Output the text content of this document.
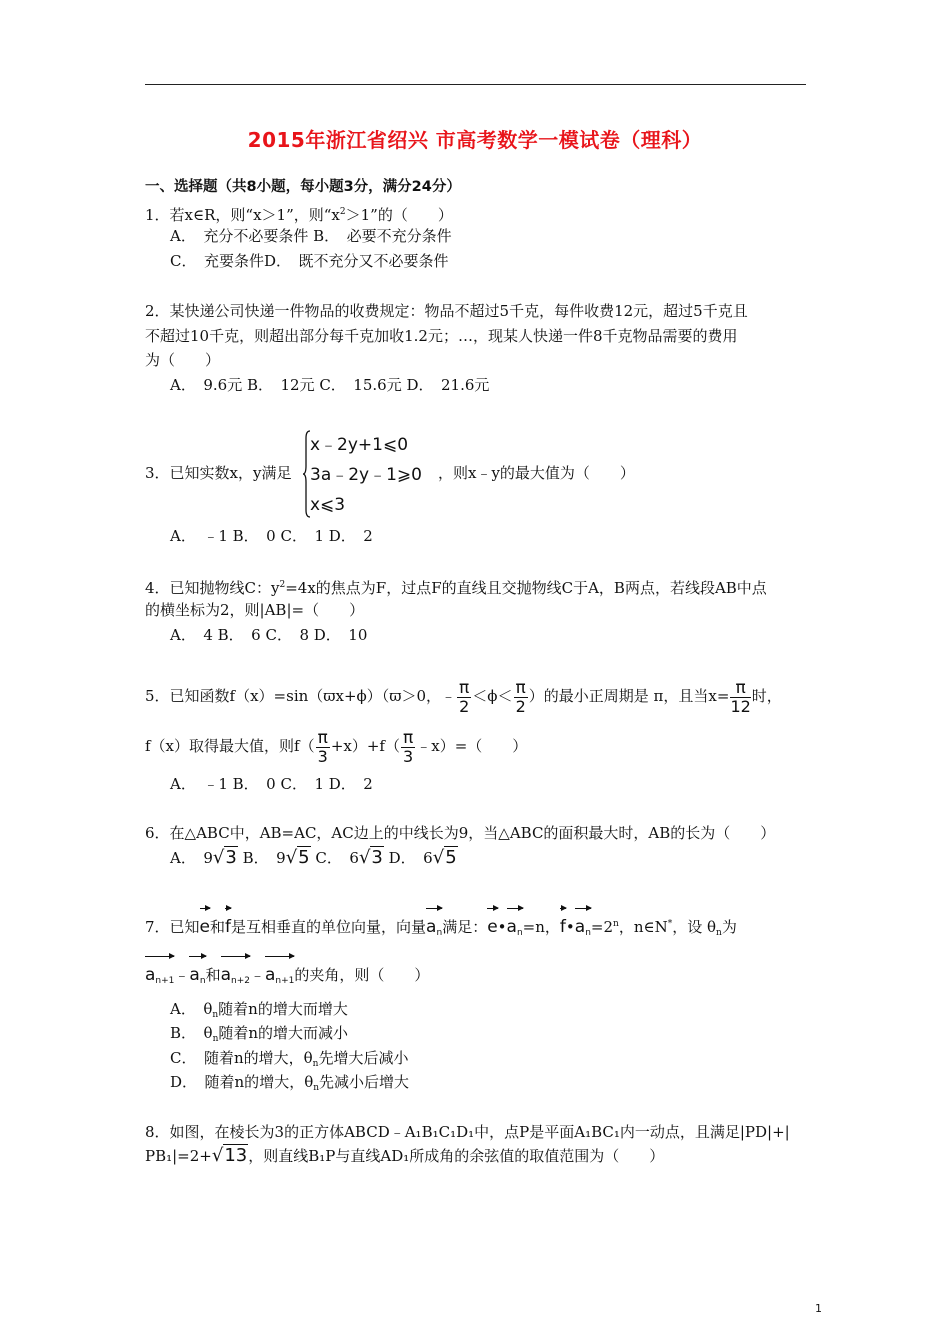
2015年浙江省绍兴 市高考数学一模试卷（理科）
一、选择题（共8小题，每小题3分，满分24分）
1．若x∈R，则“x＞1”，则“$x^2>1$”的（　　）
A．　充分不必要条件 B．　必要不充分条件
C．　充要条件D．　既不充分又不必要条件
2．某快递公司快递一件物品的收费规定：物品不超过5千克，每件收费12元，超过5千克且
不超过10千克，则超出部分每千克加收1.2元；…，现某人快递一件8千克物品需要的费用
为（　　）
A．　9.6元 B．　12元 C．　15.6元 D．　21.6元
x﹣2y+1⩽0
3a﹣2y﹣1⩾0
x⩽3
3．已知实数x，y满足	，则x﹣y的最大值为（　　）
A．　﹣1 B．　0 C．　1 D．　2
4．已知抛物线C：$y^2=4x$的焦点为F，过点F的直线且交抛物线C于A，B两点，若线段AB中点
的横坐标为2，则|AB|=（　　）
A．　4 B．　6 C．　8 D．　10
5．已知函数f（x）=sin（ϖx+ϕ）（ϖ＞0，﹣ $\frac{\pi}{2} <\phi< \frac{\pi}{2}$ ）的最小正周期是 π，且当$x= \frac{\pi}{12}$ 时，
f（x）取得最大值，则$f( \frac{\pi}{3} +x)+f( \frac{\pi}{3}$ ﹣x）=（　　）
A．　﹣1 B．　0 C．　1 D．　2
6．在△ABC中，AB=AC，AC边上的中线长为9，当△ABC的面积最大时，AB的长为（　　）
A．　9√3 B．　9√5 C．　6√3 D．　6√5
7．已知e和f是互相垂直的单位向量，向量$a_n$满足：$e•a_n=n$，$f•a_n=2^n$，n∈N*，设 $\theta_n$为
$a_{n+1}﹣a_n$和$a_{n+2}﹣a_{n+1}$的夹角，则（　　）
A．　$\theta_n$随着n的增大而增大
B．　$\theta_n$随着n的增大而减小
C．　随着n的增大，$\theta_n$先增大后减小
D．　随着n的增大，$\theta_n$先减小后增大
8．如图，在棱长为3的正方体ABCD﹣A₁B₁C₁D₁中，点P是平面A₁BC₁内一动点，且满足|PD|+|
PB₁|=2+√13，则直线B₁P与直线AD₁所成角的余弦值的取值范围为（　　）
1
